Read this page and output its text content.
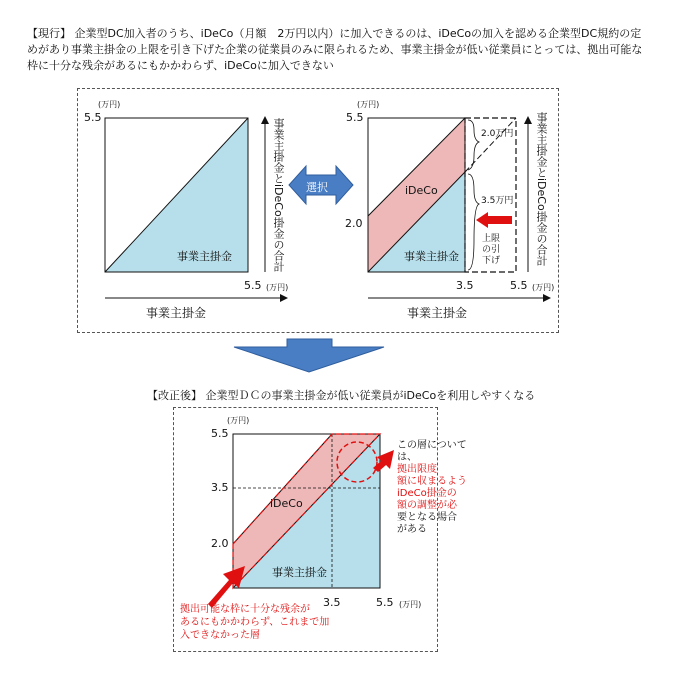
【現行】 企業型DC加入者のうち、iDeCo（月額　2万円以内）に加入できるのは、iDeCoの加入を認める企業型DC規約の定めがあり事業主掛金の上限を引き下げた企業の従業員のみに限られるため、事業主掛金が低い従業員にとっては、拠出可能な枠に十分な残余があるにもかかわらず、iDeCoに加入できない
(万円)
5.5
事業主掛金
5.5 (万円)
事業主掛金
事業主掛金とiDeCo掛金の合計 選択
(万円)
5.5
2.0
iDeCo
事業主掛金
2.0万円
3.5万円
上限の引下げ
3.5	5.5 (万円)
事業主掛金
事業主掛金とiDeCo掛金の合計
【改正後】 企業型ＤＣの事業主掛金が低い従業員がiDeCoを利用しやすくなる
(万円)
5.5
3.5
2.0
iDeCo
事業主掛金
3.5	5.5 (万円)
この層について
は、
拠出限度
額に収まるよう
iDeCo掛金の
額の調整が必
要となる場合
がある
拠出可能な枠に十分な残余が
あるにもかかわらず、これまで加
入できなかった層
